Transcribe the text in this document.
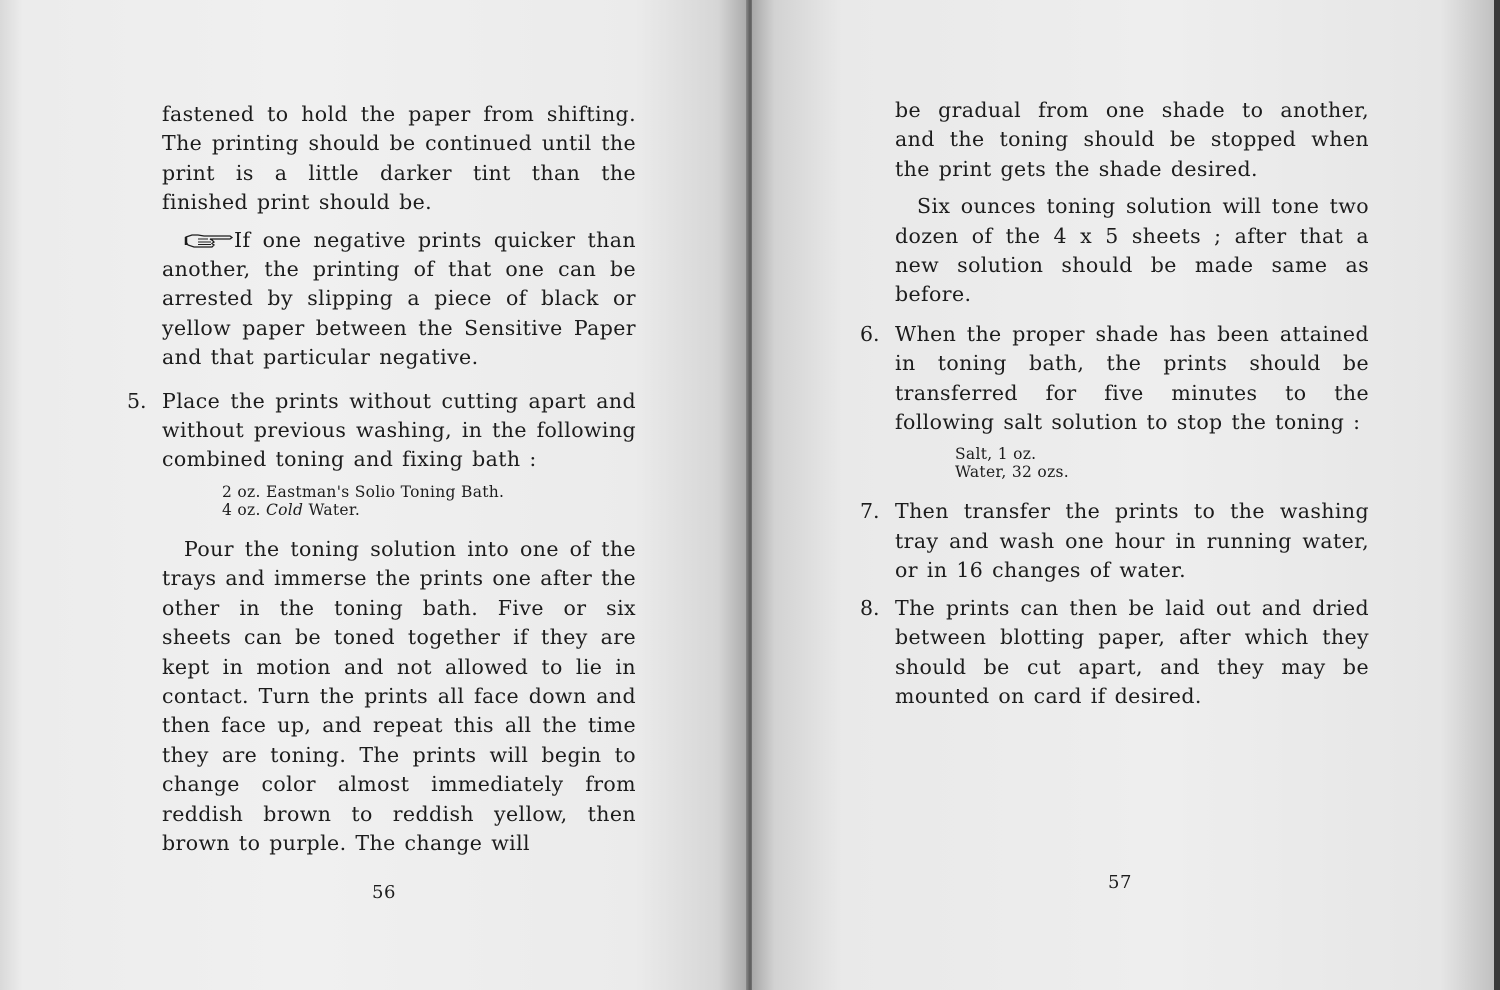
fastened to hold the paper from shifting. The printing should be continued until the print is a little darker tint than the finished print should be.

If one negative prints quicker than another, the printing of that one can be arrested by slipping a piece of black or yellow paper between the Sensitive Paper and that particular negative.

5. Place the prints without cutting apart and without previous washing, in the following combined toning and fixing bath :

2 oz. Eastman's Solio Toning Bath.
4 oz. Cold Water.

Pour the toning solution into one of the trays and immerse the prints one after the other in the toning bath. Five or six sheets can be toned together if they are kept in motion and not allowed to lie in contact. Turn the prints all face down and then face up, and repeat this all the time they are toning. The prints will begin to change color almost immediately from reddish brown to reddish yellow, then brown to purple. The change will

56

be gradual from one shade to another, and the toning should be stopped when the print gets the shade desired.

Six ounces toning solution will tone two dozen of the 4 x 5 sheets ; after that a new solution should be made same as before.

6. When the proper shade has been attained in toning bath, the prints should be transferred for five minutes to the following salt solution to stop the toning :

Salt, 1 oz.
Water, 32 ozs.
7. Then transfer the prints to the washing tray and wash one hour in running water, or in 16 changes of water.

8. The prints can then be laid out and dried between blotting paper, after which they should be cut apart, and they may be mounted on card if desired.

57
